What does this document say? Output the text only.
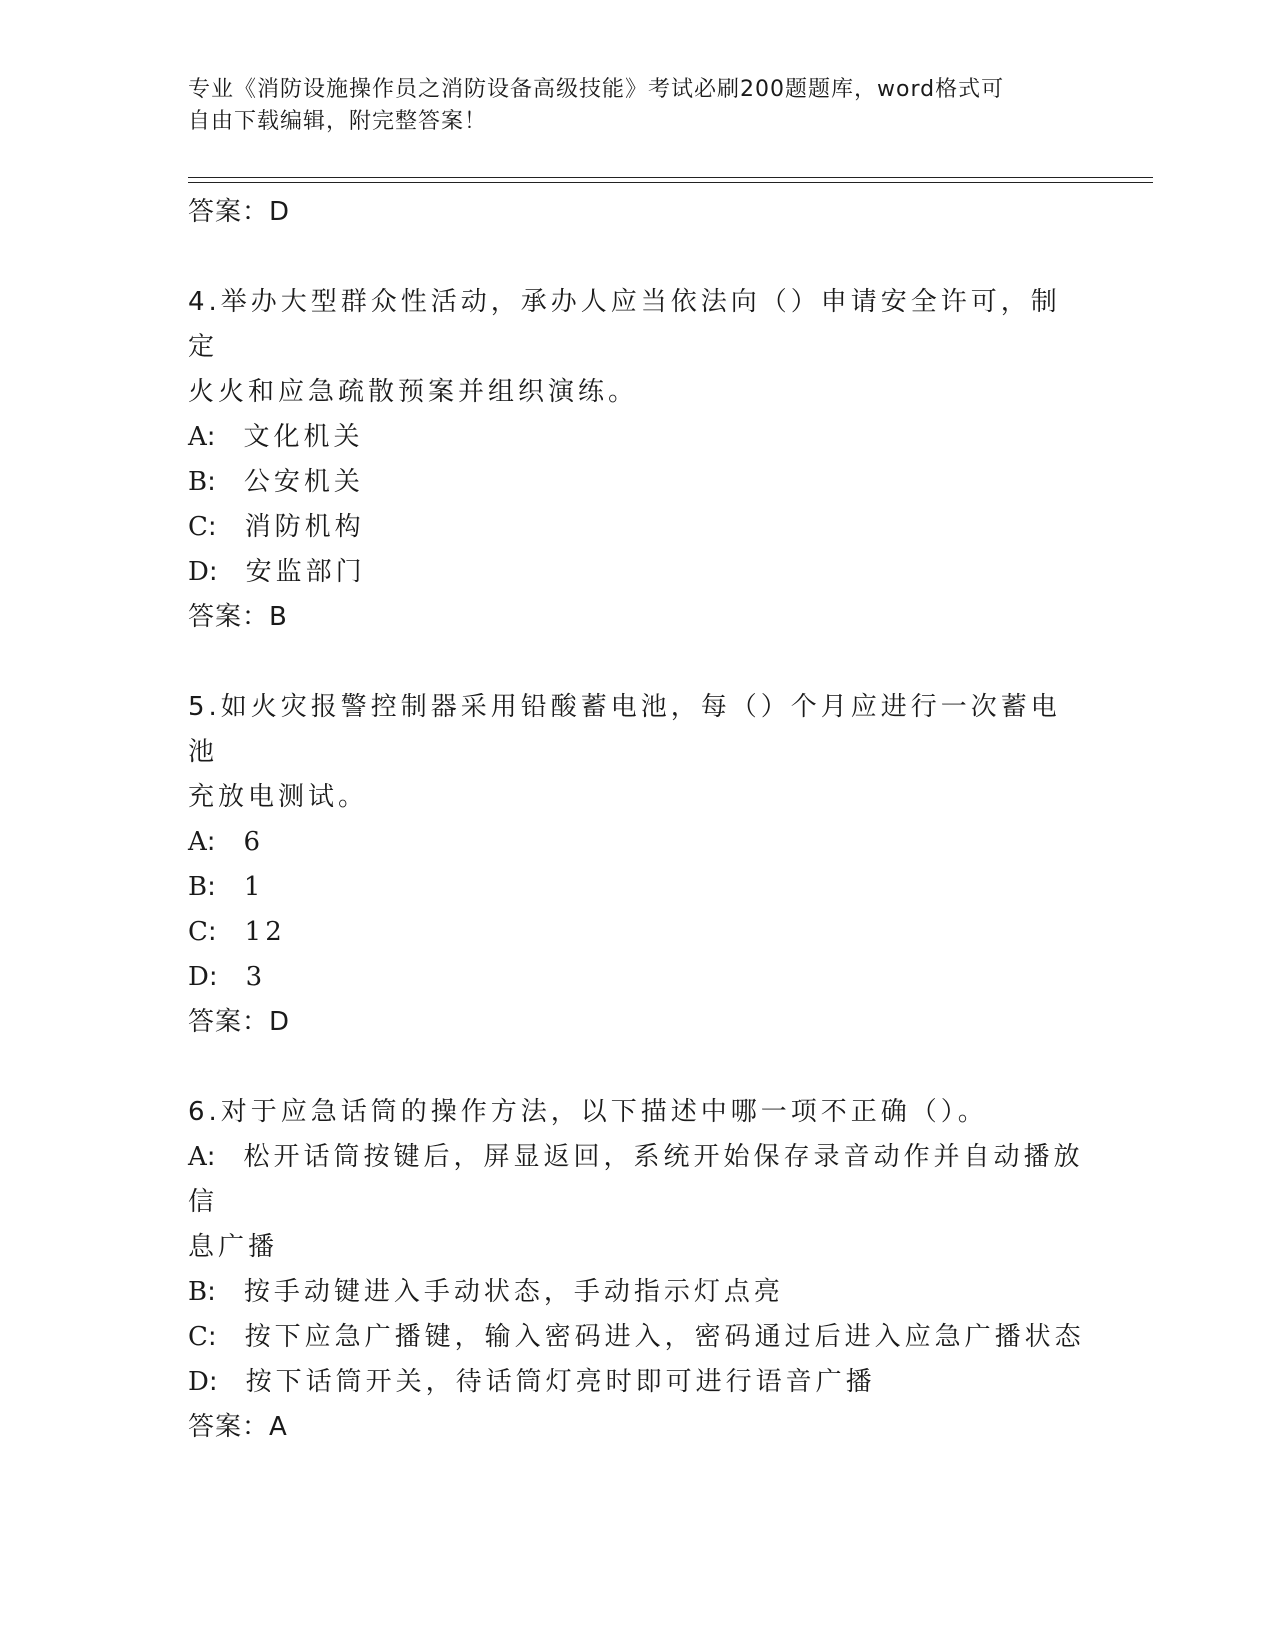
专业《消防设施操作员之消防设备高级技能》考试必刷200题题库，word格式可
自由下载编辑，附完整答案！
答案：D
4.举办大型群众性活动，承办人应当依法向（）申请安全许可，制定
火火和应急疏散预案并组织演练。
A: 文化机关
B: 公安机关
C: 消防机构
D: 安监部门
答案：B
5.如火灾报警控制器采用铅酸蓄电池，每（）个月应进行一次蓄电池
充放电测试。
A: 6
B: 1
C: 12
D: 3
答案：D
6.对于应急话筒的操作方法，以下描述中哪一项不正确（）。
A: 松开话筒按键后，屏显返回，系统开始保存录音动作并自动播放信
息广播
B: 按手动键进入手动状态，手动指示灯点亮
C: 按下应急广播键，输入密码进入，密码通过后进入应急广播状态
D: 按下话筒开关，待话筒灯亮时即可进行语音广播
答案：A
